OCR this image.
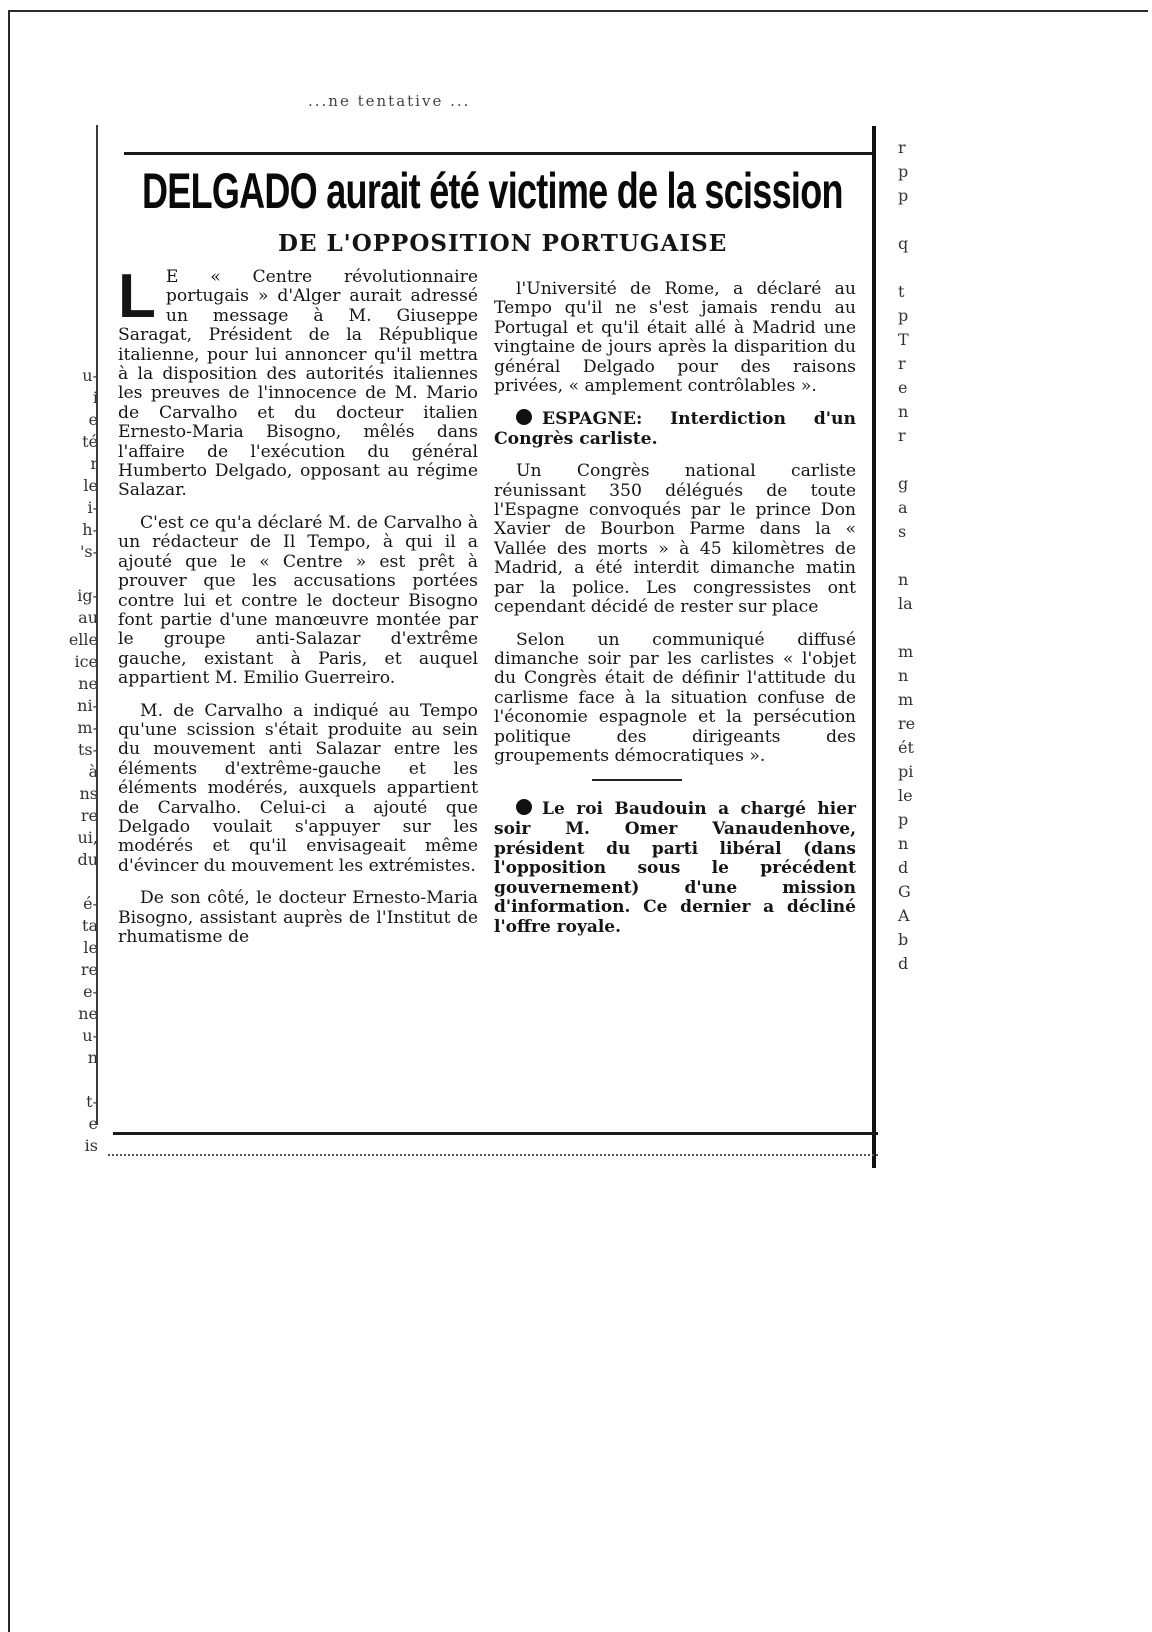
u-
i
e
té
r
le
i-
h-
's-

ig-
au
elle
ice
ne
ni-
m-
ts-
à
ns
re
ui,
du

é-
ta
le
re
e-
ne
u-
n

t-
e
is
r
p
p

q

t
p
T
r
e
n
r

g
a
s

n
la

m
n
m
re
ét
pi
le
p
n
d
G
A
b
d
...ne tentative ...
DELGADO aurait été victime de la scission
DE L'OPPOSITION PORTUGAISE

L E « Centre révolutionnaire portugais » d'Alger aurait adressé un message à M. Giuseppe Saragat, Président de la République italienne, pour lui annoncer qu'il mettra à la disposition des autorités italiennes les preuves de l'innocence de M. Mario de Carvalho et du docteur italien Ernesto-Maria Bisogno, mêlés dans l'affaire de l'exécution du général Humberto Delgado, opposant au régime Salazar.

C'est ce qu'a déclaré M. de Carvalho à un rédacteur de Il Tempo, à qui il a ajouté que le « Centre » est prêt à prouver que les accusations portées contre lui et contre le docteur Bisogno font partie d'une manœuvre montée par le groupe anti-Salazar d'extrême gauche, existant à Paris, et auquel appartient M. Emilio Guerreiro.

M. de Carvalho a indiqué au Tempo qu'une scission s'était produite au sein du mouvement anti Salazar entre les éléments d'extrême-gauche et les éléments modérés, auxquels appartient de Carvalho. Celui-ci a ajouté que Delgado voulait s'appuyer sur les modérés et qu'il envisageait même d'évincer du mouvement les extrémistes.

De son côté, le docteur Ernesto-Maria Bisogno, assistant auprès de l'Institut de rhumatisme de

l'Université de Rome, a déclaré au Tempo qu'il ne s'est jamais rendu au Portugal et qu'il était allé à Madrid une vingtaine de jours après la disparition du général Delgado pour des raisons privées, « amplement contrôlables ».

ESPAGNE: Interdiction d'un Congrès carliste.

Un Congrès national carliste réunissant 350 délégués de toute l'Espagne convoqués par le prince Don Xavier de Bourbon Parme dans la « Vallée des morts » à 45 kilomètres de Madrid, a été interdit dimanche matin par la police. Les congressistes ont cependant décidé de rester sur place

Selon un communiqué diffusé dimanche soir par les carlistes « l'objet du Congrès était de définir l'attitude du carlisme face à la situation confuse de l'économie espagnole et la persécution politique des dirigeants des groupements démocratiques ».

Le roi Baudouin a chargé hier soir M. Omer Vanaudenhove, président du parti libéral (dans l'opposition sous le précédent gouvernement) d'une mission d'information. Ce dernier a décliné l'offre royale.
